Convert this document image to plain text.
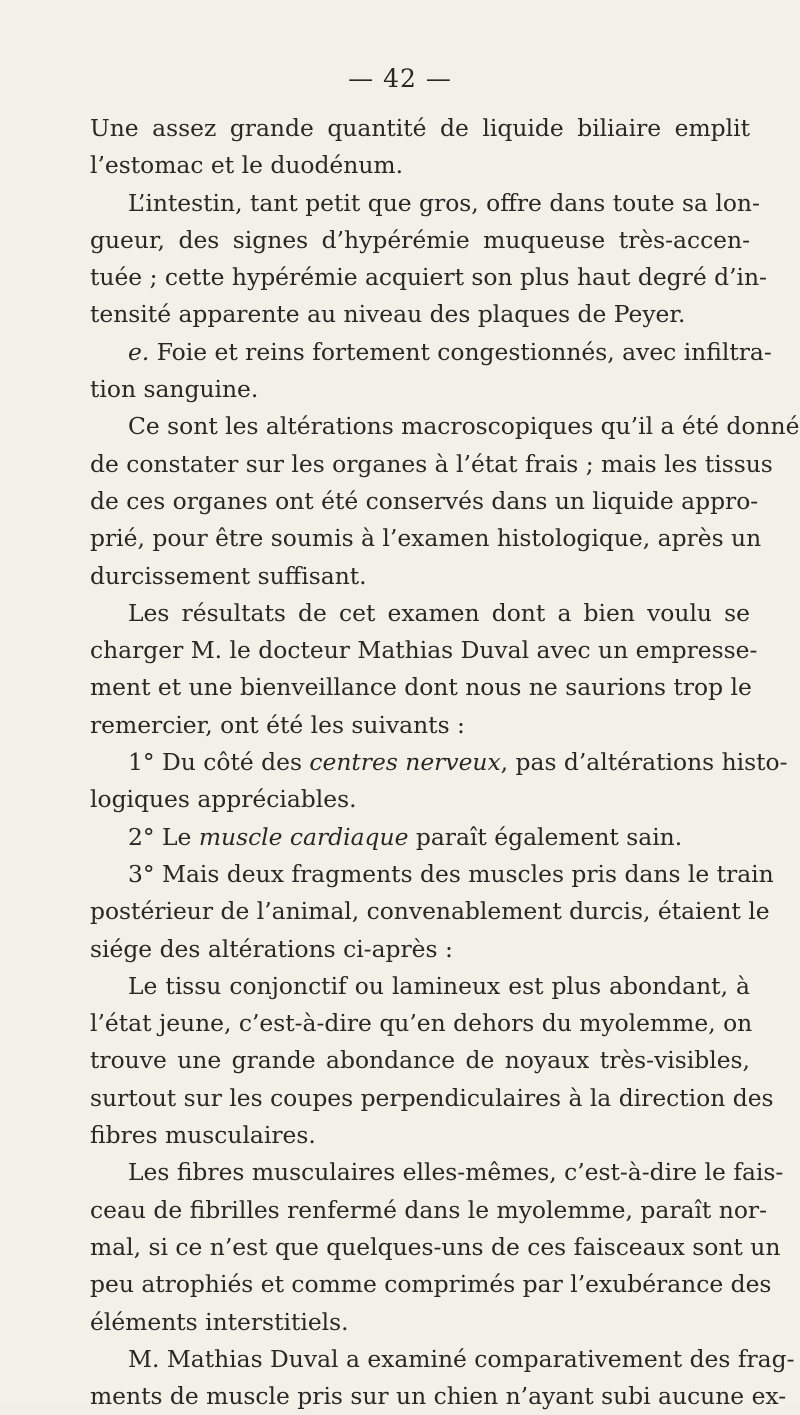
— 42 —
Une assez grande quantité de liquide biliaire emplit
l’estomac et le duodénum.
L’intestin, tant petit que gros, offre dans toute sa lon-
gueur, des signes d’hypérémie muqueuse très-accen-
tuée ; cette hypérémie acquiert son plus haut degré d’in-
tensité apparente au niveau des plaques de Peyer.
e. Foie et reins fortement congestionnés, avec infiltra-
tion sanguine.
Ce sont les altérations macroscopiques qu’il a été donné
de constater sur les organes à l’état frais ; mais les tissus
de ces organes ont été conservés dans un liquide appro-
prié, pour être soumis à l’examen histologique, après un
durcissement suffisant.
Les résultats de cet examen dont a bien voulu se
charger M. le docteur Mathias Duval avec un empresse-
ment et une bienveillance dont nous ne saurions trop le
remercier, ont été les suivants :
1° Du côté des centres nerveux, pas d’altérations histo-
logiques appréciables.
2° Le muscle cardiaque paraît également sain.
3° Mais deux fragments des muscles pris dans le train
postérieur de l’animal, convenablement durcis, étaient le
siége des altérations ci-après :
Le tissu conjonctif ou lamineux est plus abondant, à
l’état jeune, c’est-à-dire qu’en dehors du myolemme, on
trouve une grande abondance de noyaux très-visibles,
surtout sur les coupes perpendiculaires à la direction des
fibres musculaires.
Les fibres musculaires elles-mêmes, c’est-à-dire le fais-
ceau de fibrilles renfermé dans le myolemme, paraît nor-
mal, si ce n’est que quelques-uns de ces faisceaux sont un
peu atrophiés et comme comprimés par l’exubérance des
éléments interstitiels.
M. Mathias Duval a examiné comparativement des frag-
ments de muscle pris sur un chien n’ayant subi aucune ex-
